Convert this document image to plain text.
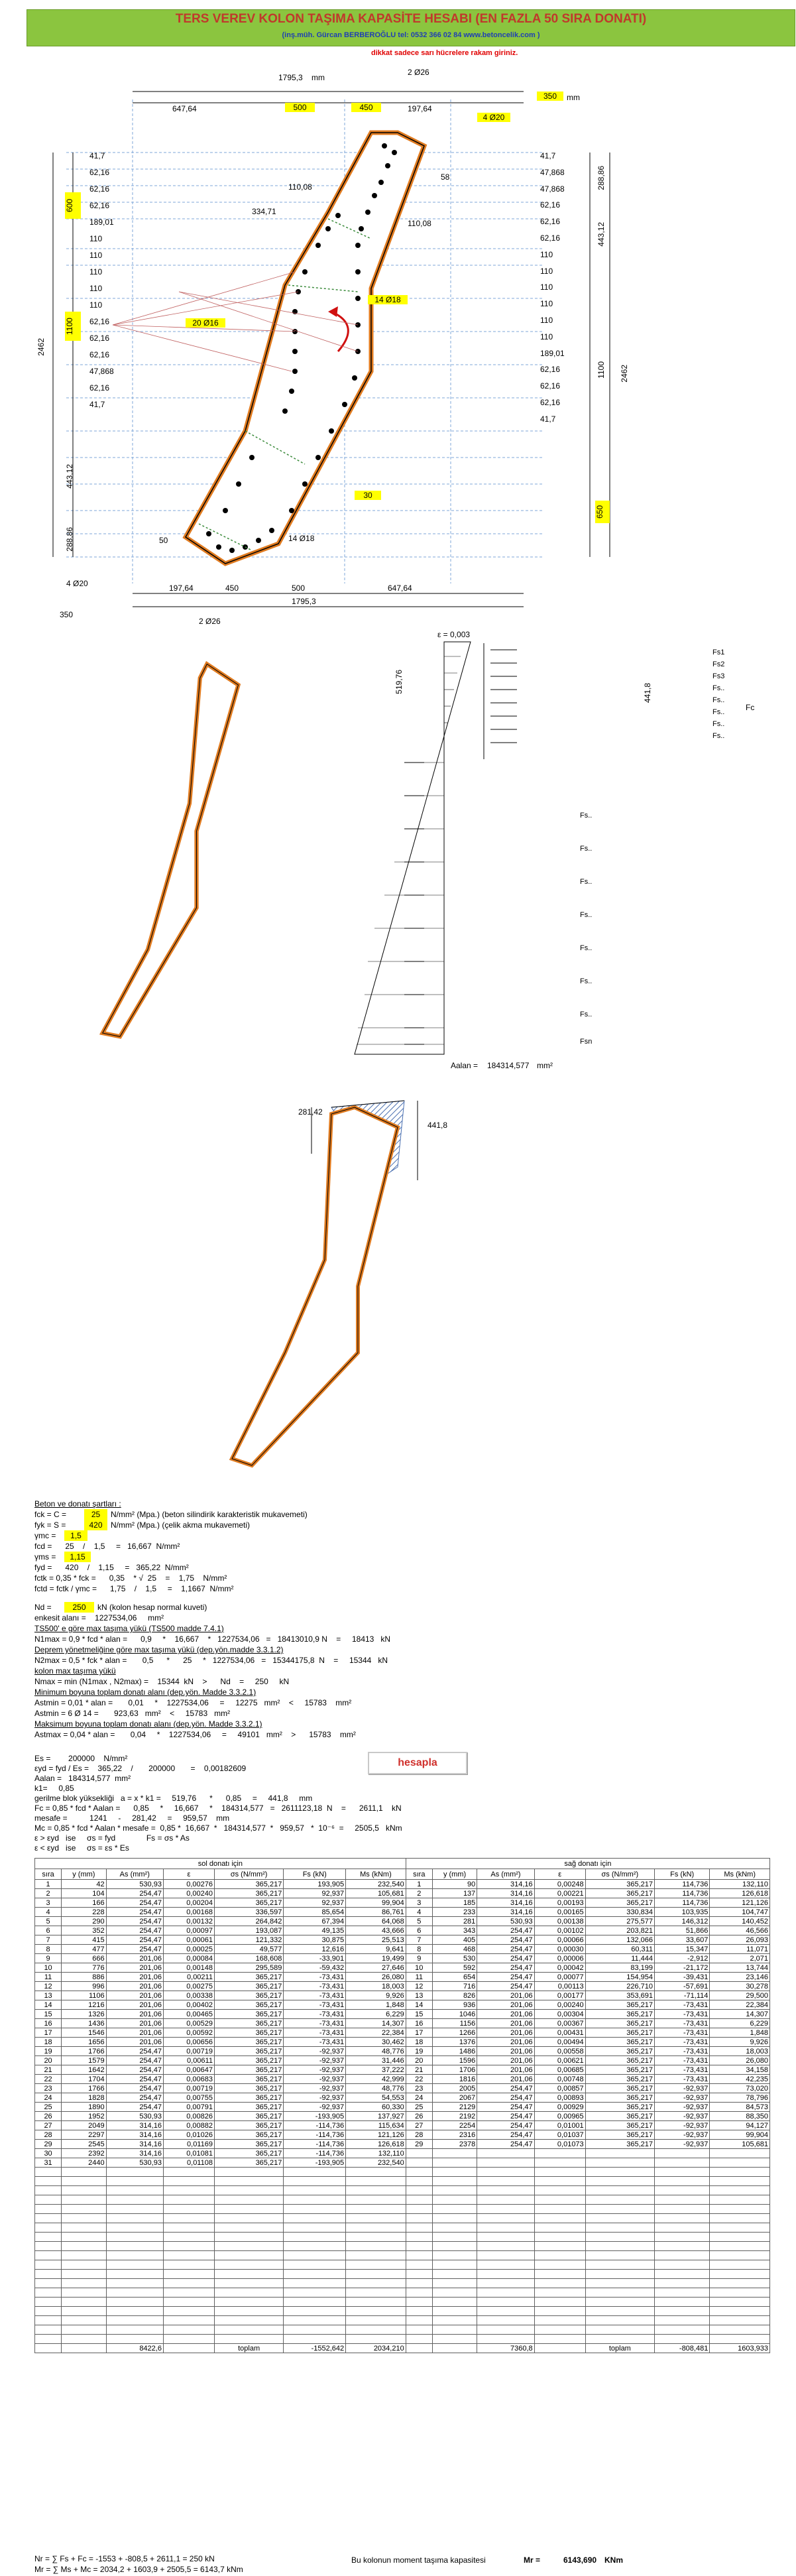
TERS VEREV KOLON TAŞIMA KAPASİTE HESABI (EN FAZLA 50 SIRA DONATI)
(inş.müh. Gürcan BERBEROĞLU tel: 0532 366 02 84 www.betoncelik.com )
dikkat sadece sarı hücrelere rakam giriniz.
1795,3 mm
2 Ø26
350	mm
647,64	500	450	197,64
4 Ø20
41,7
62,16
62,16
62,16
189,01
110
110
110
110
110
62,16
62,16
62,16
47,868
62,16
41,7
600
1100
2462
443,12
288,86
41,7
47,868
47,868
62,16
62,16
62,16
110
110
110
110
110
110
189,01
62,16
62,16
62,16
41,7
288,86
443,12
1100
650
2462
334,71
110,08
110,08
58
20 Ø16
14 Ø18
14 Ø18
30
50
197,64	450	500	647,64
1795,3
2 Ø26
4 Ø20
350
ε = 0,003
519,76	441,8
Fs1
Fs2
Fs3
Fs..
Fs..
Fs..
Fs..
Fs..
Fc
Fs..
Fs..
Fs..
Fs..
Fs..
Fs..
Fs..
Fsn
Aalan = 184314,577 mm²
281,42
441,8
Beton ve donatı şartları :
fck = C =	25	N/mm² (Mpa.) (beton silindirik karakteristik mukavemeti)
fyk = S =	420	N/mm² (Mpa.) (çelik akma mukavemeti)
γmc =	1,5
fcd =      25    /    1,5     =   16,667  N/mm²
γms =	1,15
fyd =      420    /    1,15     =   365,22  N/mm²
fctk = 0,35 * fck =      0,35    * √  25    =    1,75    N/mm²
fctd = fctk / γmc =      1,75    /    1,5     =    1,1667  N/mm²
Nd =	250	kN (kolon hesap normal kuveti)
enkesit alanı =    1227534,06     mm²
TS500' e göre max taşıma yükü (TS500 madde 7.4.1)
N1max = 0,9 * fcd * alan =      0,9     *    16,667    *   1227534,06   =   18413010,9 N    =     18413   kN
Deprem yönetmeliğine göre max taşıma yükü (dep.yön.madde 3.3.1.2)
N2max = 0,5 * fck * alan =       0,5      *      25     *   1227534,06   =   15344175,8  N    =     15344   kN
kolon max taşıma yükü
Nmax = min (N1max , N2max) =    15344  kN    >      Nd    =     250     kN
Minimum boyuna toplam donatı alanı (dep.yön. Madde 3.3.2.1)
Astmin = 0,01 * alan =       0,01     *    1227534,06     =     12275   mm²    <     15783    mm²
Astmin = 6 Ø 14 =       923,63   mm²    <     15783   mm²
Maksimum boyuna toplam donatı alanı (dep.yön. Madde 3.3.2.1)
Astmax = 0,04 * alan =       0,04     *    1227534,06     =     49101   mm²    >      15783    mm²
Es =        200000    N/mm²
εyd = fyd / Es =    365,22    /       200000       =    0,00182609
Aalan =   184314,577  mm²
k1=     0,85
gerilme blok yüksekliği   a = x * k1 =     519,76      *      0,85     =     441,8     mm
Fc = 0,85 * fcd * Aalan =      0,85     *     16,667     *    184314,577   =   2611123,18  N    =      2611,1    kN
mesafe =          1241     -     281,42     =     959,57    mm
Mc = 0,85 * fcd * Aalan * mesafe =  0,85 *  16,667  *   184314,577  *   959,57   *  10⁻⁶  =     2505,5   kNm
ε > εyd   ise     σs = fyd              Fs = σs * As
ε < εyd   ise     σs = εs * Es
hesapla
sol donatı için							sağ donatı için						
sıra	y (mm)	As (mm²)	ε	σs (N/mm²)	Fs (kN)	Ms (kNm)	sıra	y (mm)	As (mm²)	ε	σs (N/mm²)	Fs (kN)	Ms (kNm)
1	42	530,93	0,00276	365,217	193,905	232,540	1	90	314,16	0,00248	365,217	114,736	132,110
2	104	254,47	0,00240	365,217	92,937	105,681	2	137	314,16	0,00221	365,217	114,736	126,618
3	166	254,47	0,00204	365,217	92,937	99,904	3	185	314,16	0,00193	365,217	114,736	121,126
4	228	254,47	0,00168	336,597	85,654	86,761	4	233	314,16	0,00165	330,834	103,935	104,747
5	290	254,47	0,00132	264,842	67,394	64,068	5	281	530,93	0,00138	275,577	146,312	140,452
6	352	254,47	0,00097	193,087	49,135	43,666	6	343	254,47	0,00102	203,821	51,866	46,566
7	415	254,47	0,00061	121,332	30,875	25,513	7	405	254,47	0,00066	132,066	33,607	26,093
8	477	254,47	0,00025	49,577	12,616	9,641	8	468	254,47	0,00030	60,311	15,347	11,071
9	666	201,06	0,00084	168,608	-33,901	19,499	9	530	254,47	0,00006	11,444	-2,912	2,071
10	776	201,06	0,00148	295,589	-59,432	27,646	10	592	254,47	0,00042	83,199	-21,172	13,744
11	886	201,06	0,00211	365,217	-73,431	26,080	11	654	254,47	0,00077	154,954	-39,431	23,146
12	996	201,06	0,00275	365,217	-73,431	18,003	12	716	254,47	0,00113	226,710	-57,691	30,278
13	1106	201,06	0,00338	365,217	-73,431	9,926	13	826	201,06	0,00177	353,691	-71,114	29,500
14	1216	201,06	0,00402	365,217	-73,431	1,848	14	936	201,06	0,00240	365,217	-73,431	22,384
15	1326	201,06	0,00465	365,217	-73,431	6,229	15	1046	201,06	0,00304	365,217	-73,431	14,307
16	1436	201,06	0,00529	365,217	-73,431	14,307	16	1156	201,06	0,00367	365,217	-73,431	6,229
17	1546	201,06	0,00592	365,217	-73,431	22,384	17	1266	201,06	0,00431	365,217	-73,431	1,848
18	1656	201,06	0,00656	365,217	-73,431	30,462	18	1376	201,06	0,00494	365,217	-73,431	9,926
19	1766	254,47	0,00719	365,217	-92,937	48,776	19	1486	201,06	0,00558	365,217	-73,431	18,003
20	1579	254,47	0,00611	365,217	-92,937	31,446	20	1596	201,06	0,00621	365,217	-73,431	26,080
21	1642	254,47	0,00647	365,217	-92,937	37,222	21	1706	201,06	0,00685	365,217	-73,431	34,158
22	1704	254,47	0,00683	365,217	-92,937	42,999	22	1816	201,06	0,00748	365,217	-73,431	42,235
23	1766	254,47	0,00719	365,217	-92,937	48,776	23	2005	254,47	0,00857	365,217	-92,937	73,020
24	1828	254,47	0,00755	365,217	-92,937	54,553	24	2067	254,47	0,00893	365,217	-92,937	78,796
25	1890	254,47	0,00791	365,217	-92,937	60,330	25	2129	254,47	0,00929	365,217	-92,937	84,573
26	1952	530,93	0,00826	365,217	-193,905	137,927	26	2192	254,47	0,00965	365,217	-92,937	88,350
27	2049	314,16	0,00882	365,217	-114,736	115,634	27	2254	254,47	0,01001	365,217	-92,937	94,127
28	2297	314,16	0,01026	365,217	-114,736	121,126	28	2316	254,47	0,01037	365,217	-92,937	99,904
29	2545	314,16	0,01169	365,217	-114,736	126,618	29	2378	254,47	0,01073	365,217	-92,937	105,681
30	2392	314,16	0,01081	365,217	-114,736	132,110							
31	2440	530,93	0,01108	365,217	-193,905	232,540							

		8422,6		toplam	-1552,642	2034,210			7360,8		toplam	-808,481	1603,933
Nr = ∑ Fs + Fc = -1553 + -808,5 + 2611,1 = 250 kN
Mr = ∑ Ms + Mc = 2034,2 + 1603,9 + 2505,5 = 6143,7 kNm
Bu kolonun moment taşıma kapasitesi	Mr =	6143,690 KNm
